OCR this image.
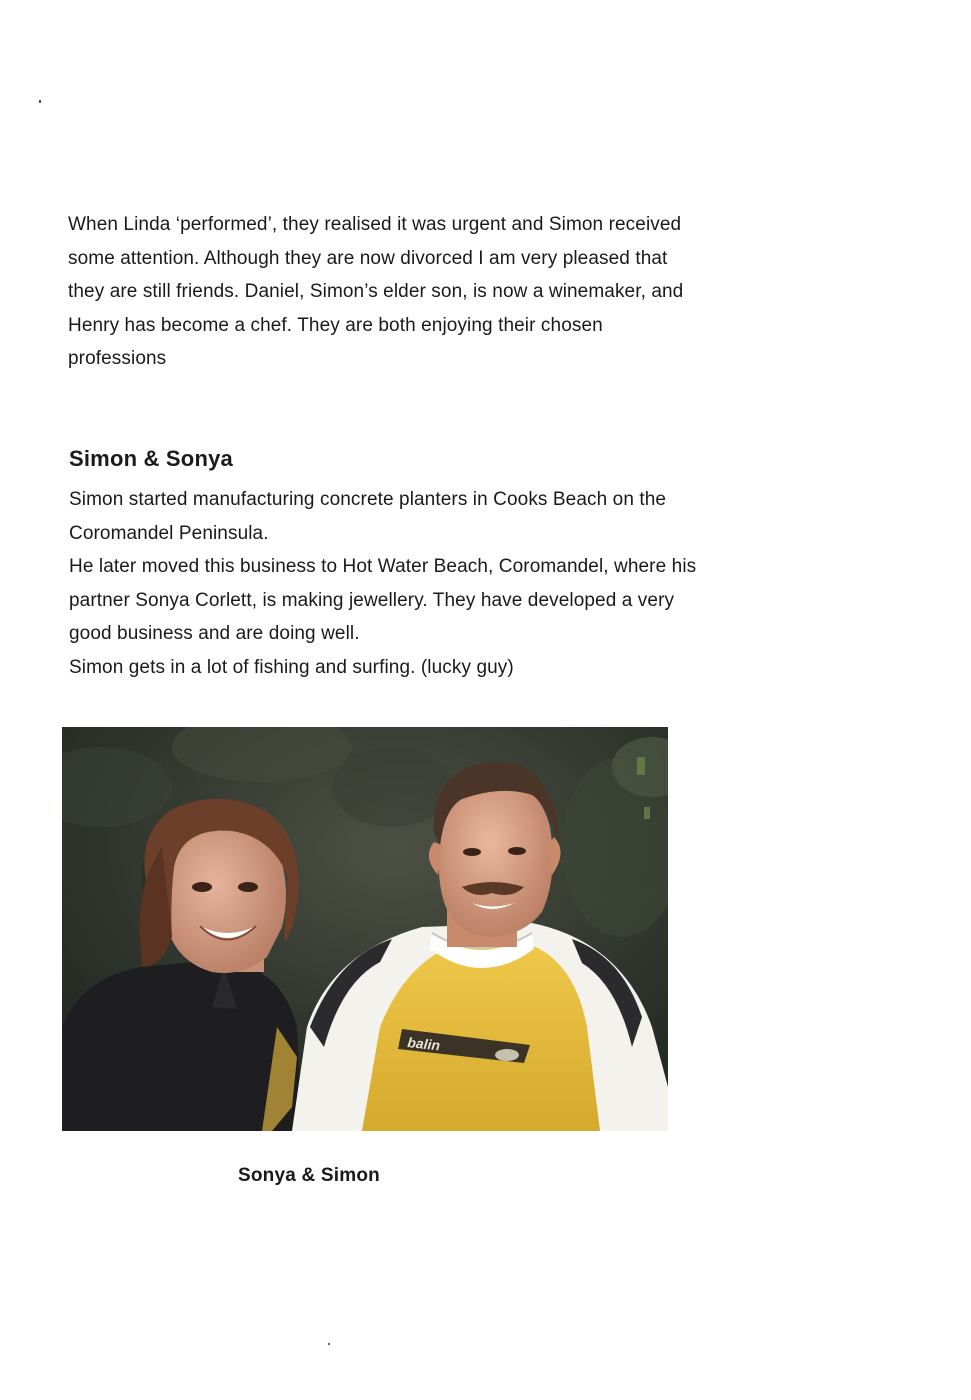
When Linda ‘performed’, they realised it was urgent and Simon received
some attention. Although they are now divorced I am very pleased that
they are still friends. Daniel, Simon’s elder son, is now a winemaker, and
Henry has become a chef. They are both enjoying their chosen
professions
Simon & Sonya
Simon started manufacturing concrete planters in Cooks Beach on the
Coromandel Peninsula.
He later moved this business to Hot Water Beach, Coromandel, where his
partner Sonya Corlett, is making jewellery. They have developed a very
good business and are doing well.
Simon gets in a lot of fishing and surfing. (lucky guy)
balin

Sonya & Simon
